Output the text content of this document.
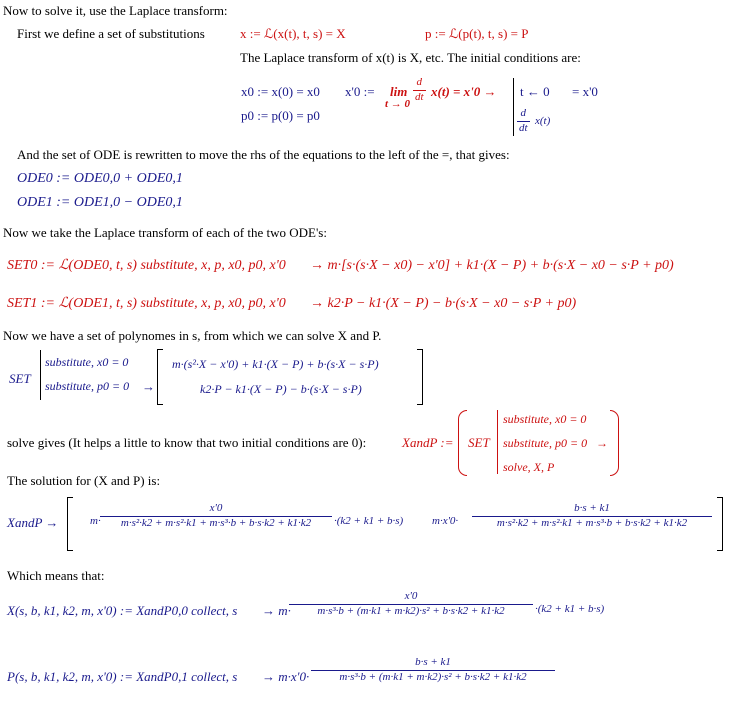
Now to solve it, use the Laplace transform:
First we define a set of substitutions	x := ℒ(x(t), t, s) = X	p := ℒ(p(t), t, s) = P
The Laplace transform of x(t) is X, etc. The initial conditions are:
x0 := x(0) = x0
p0 := p(0) = p0
x'0 := lim
t → 0
d
dt x(t) = x'0 → t ← 0 = x'0
d
dt
x(t)
And the set of ODE is rewritten to move the rhs of the equations to the left of the =, that gives:
ODE0 := ODE0,0 + ODE0,1
ODE1 := ODE1,0 − ODE0,1
Now we take the Laplace transform of each of the two ODE's:
SET0 := ℒ(ODE0, t, s) substitute, x, p, x0, p0, x'0 → m·[s·(s·X − x0) − x'0] + k1·(X − P) + b·(s·X − x0 − s·P + p0)
SET1 := ℒ(ODE1, t, s) substitute, x, p, x0, p0, x'0 → k2·P − k1·(X − P) − b·(s·X − x0 − s·P + p0)
Now we have a set of polynomes in s, from which we can solve X and P.
SET
substitute, x0 = 0
substitute, p0 = 0 →
m·(s²·X − x'0) + k1·(X − P) + b·(s·X − s·P)
k2·P − k1·(X − P) − b·(s·X − s·P)
solve gives (It helps a little to know that two initial conditions are 0):	XandP := SET
substitute, x0 = 0
substitute, p0 = 0 →
solve, X, P
The solution for (X and P) is:
XandP →	m·
x'0
m·s²·k2 + m·s²·k1 + m·s³·b + b·s·k2 + k1·k2 ·(k2 + k1 + b·s)	m·x'0·
b·s + k1
m·s²·k2 + m·s²·k1 + m·s³·b + b·s·k2 + k1·k2
Which means that:
X(s, b, k1, k2, m, x'0) := XandP0,0 collect, s → m·
x'0
m·s³·b + (m·k1 + m·k2)·s² + b·s·k2 + k1·k2	·(k2 + k1 + b·s)
P(s, b, k1, k2, m, x'0) := XandP0,1 collect, s → m·x'0·
b·s + k1
m·s³·b + (m·k1 + m·k2)·s² + b·s·k2 + k1·k2
